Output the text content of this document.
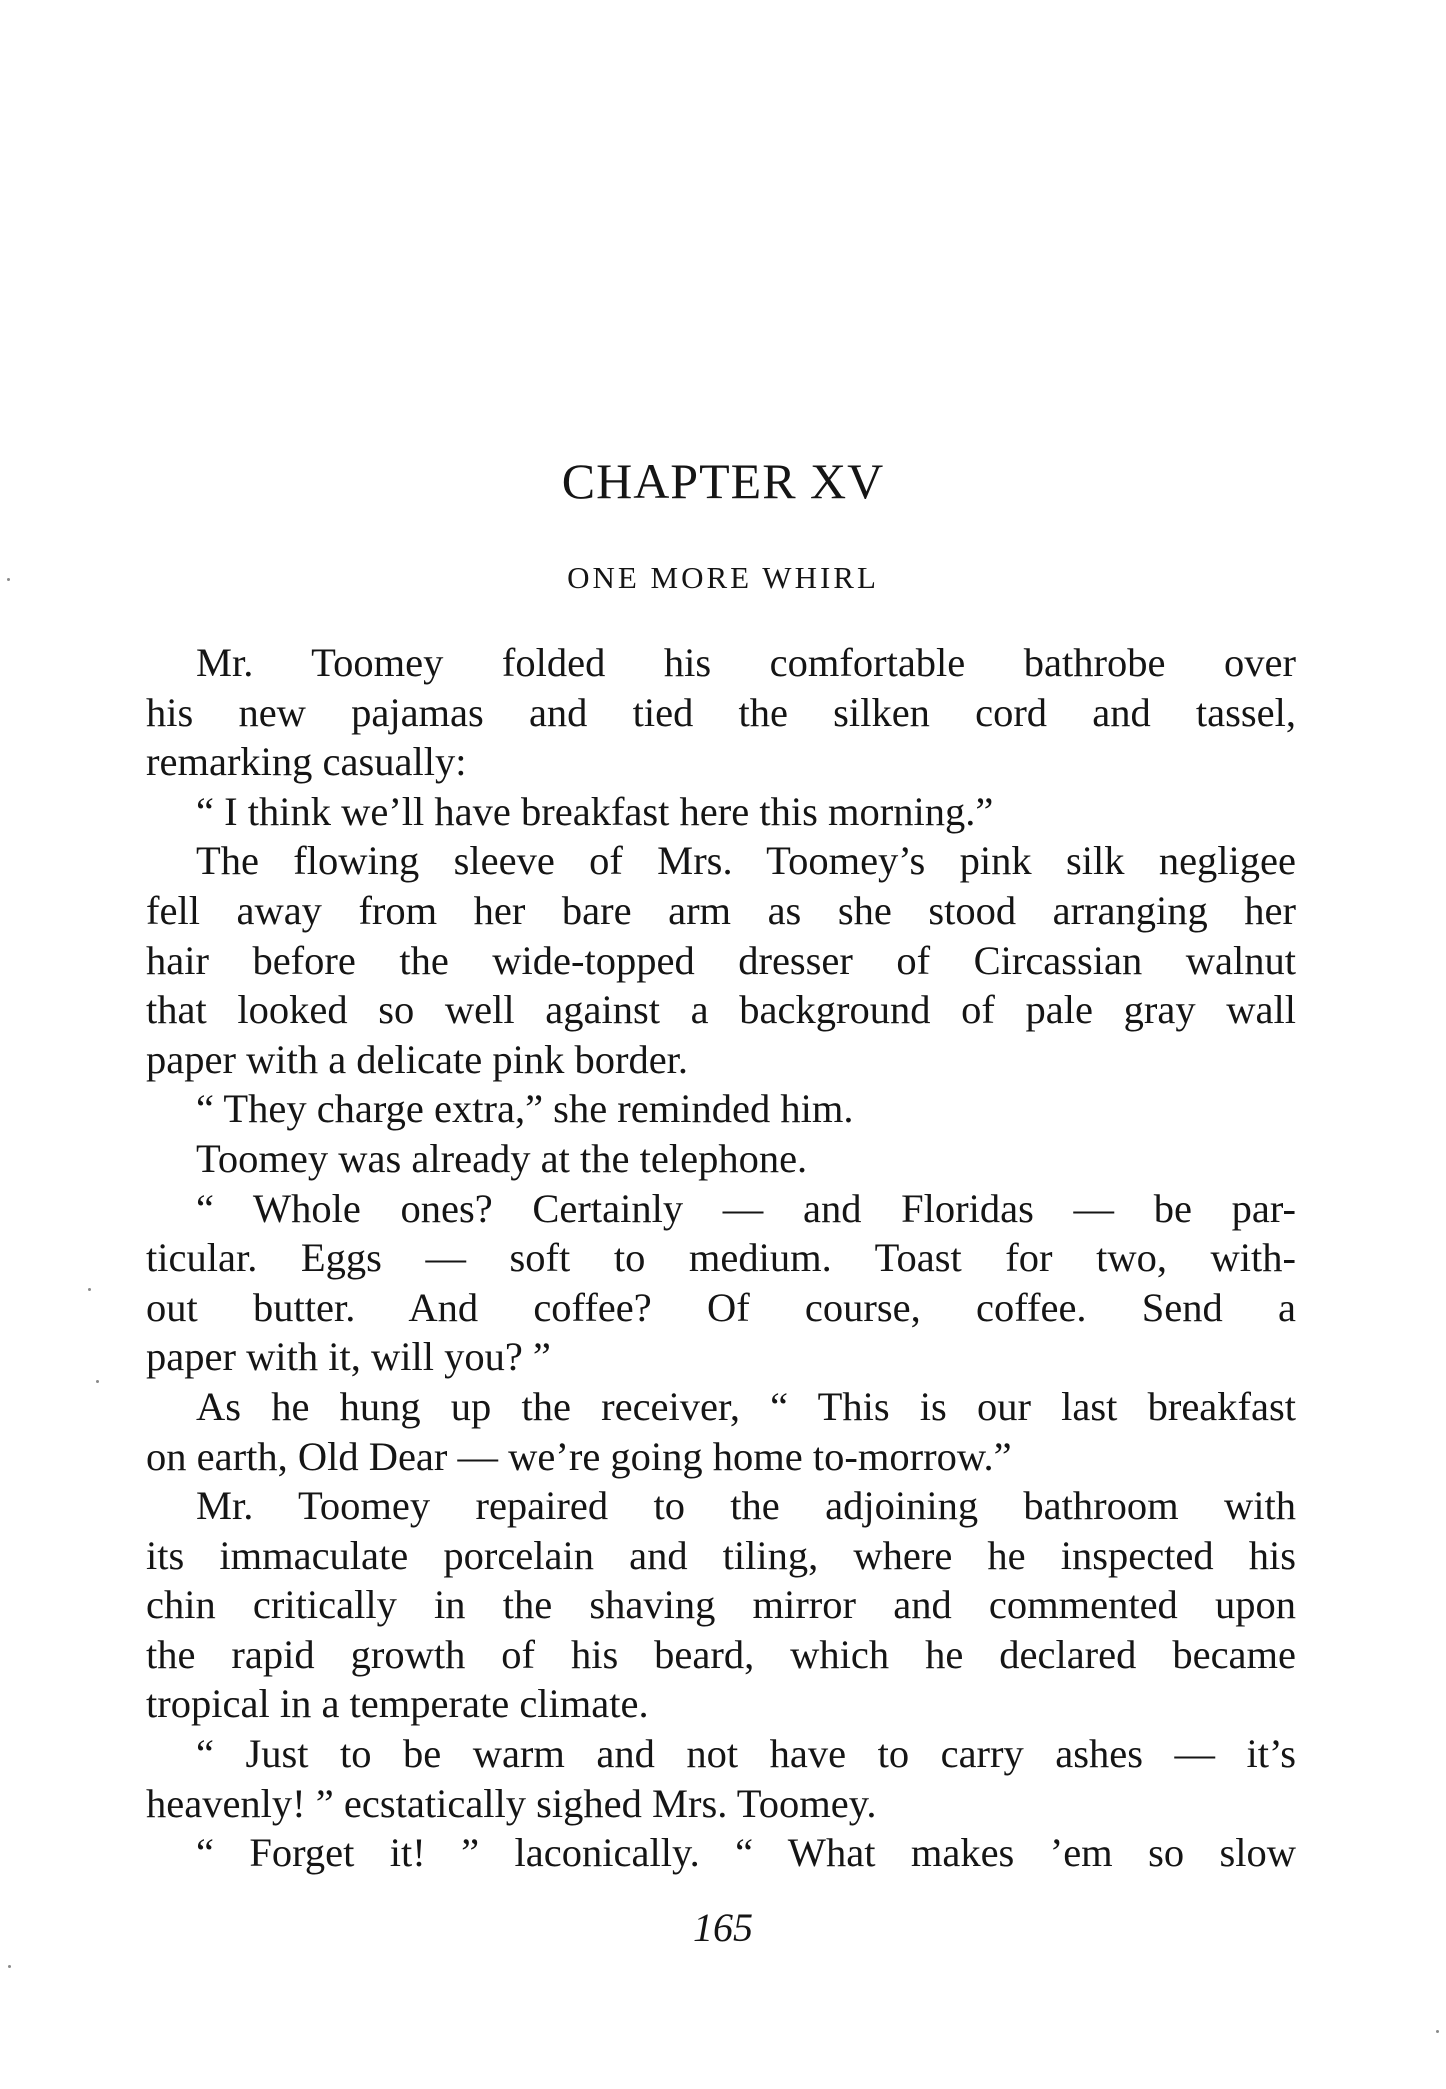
CHAPTER XV
ONE MORE WHIRL
Mr. Toomey folded his comfortable bathrobe over
his new pajamas and tied the silken cord and tassel,
remarking casually:
“ I think we’ll have breakfast here this morning.”
The flowing sleeve of Mrs. Toomey’s pink silk negligee
fell away from her bare arm as she stood arranging her
hair before the wide-topped dresser of Circassian walnut
that looked so well against a background of pale gray wall
paper with a delicate pink border.
“ They charge extra,” she reminded him.
Toomey was already at the telephone.
“ Whole ones? Certainly — and Floridas — be par-
ticular. Eggs — soft to medium. Toast for two, with-
out butter. And coffee? Of course, coffee. Send a
paper with it, will you? ”
As he hung up the receiver, “ This is our last breakfast
on earth, Old Dear — we’re going home to-morrow.”
Mr. Toomey repaired to the adjoining bathroom with
its immaculate porcelain and tiling, where he inspected his
chin critically in the shaving mirror and commented upon
the rapid growth of his beard, which he declared became
tropical in a temperate climate.
“ Just to be warm and not have to carry ashes — it’s
heavenly! ” ecstatically sighed Mrs. Toomey.
“ Forget it! ” laconically. “ What makes ’em so slow
165
